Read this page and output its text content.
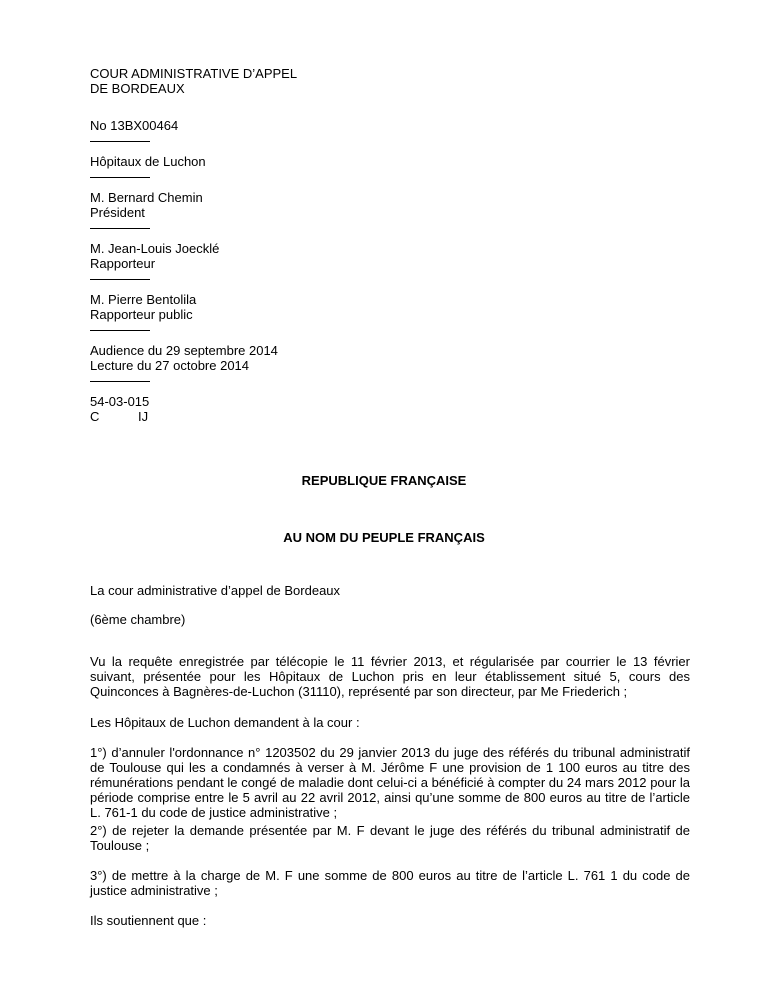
COUR ADMINISTRATIVE D’APPEL
DE BORDEAUX
No 13BX00464
Hôpitaux de Luchon
M. Bernard Chemin
Président
M. Jean-Louis Joecklé
Rapporteur
M. Pierre Bentolila
Rapporteur public
Audience du 29 septembre 2014
Lecture du 27 octobre 2014
54-03-015
C	IJ
REPUBLIQUE FRANÇAISE
AU NOM DU PEUPLE FRANÇAIS

La cour administrative d’appel de Bordeaux

(6ème chambre)

Vu la requête enregistrée par télécopie le 11 février 2013, et régularisée par courrier le 13 février suivant, présentée pour les Hôpitaux de Luchon pris en leur établissement situé 5, cours des Quinconces à Bagnères-de-Luchon (31110), représenté par son directeur, par Me Friederich ;

Les Hôpitaux de Luchon demandent à la cour :

1°) d’annuler l'ordonnance n° 1203502 du 29 janvier 2013 du juge des référés du tribunal administratif de Toulouse qui les a condamnés à verser à M. Jérôme F une provision de 1 100 euros au titre des rémunérations pendant le congé de maladie dont celui-ci a bénéficié à compter du 24 mars 2012 pour la période comprise entre le 5 avril au 22 avril 2012, ainsi qu’une somme de 800 euros au titre de l’article L. 761-1 du code de justice administrative ;

2°) de rejeter la demande présentée par M. F devant le juge des référés du tribunal administratif de Toulouse ;

3°) de mettre à la charge de M. F une somme de 800 euros au titre de l’article L. 761 1 du code de justice administrative ;

Ils soutiennent que :
